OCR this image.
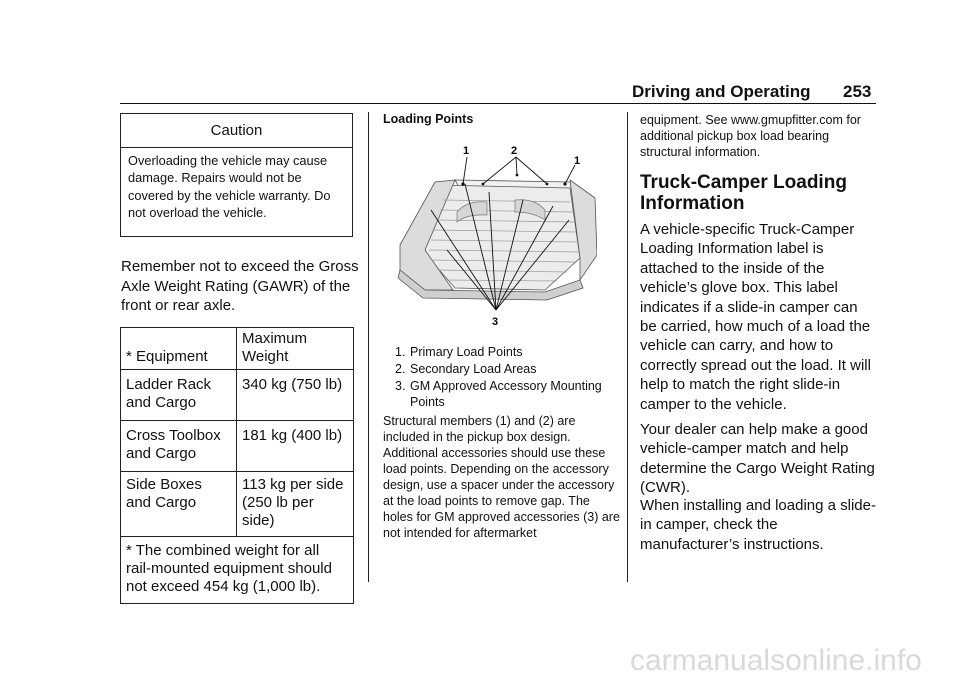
Driving and Operating 253
Caution
Overloading the vehicle may cause damage. Repairs would not be covered by the vehicle warranty. Do not overload the vehicle.
Remember not to exceed the Gross Axle Weight Rating (GAWR) of the front or rear axle.
* Equipment	Maximum Weight
Ladder Rack and Cargo	340 kg (750 lb)
Cross Toolbox and Cargo	181 kg (400 lb)
Side Boxes and Cargo	113 kg per side (250 lb per side)
* The combined weight for all rail-mounted equipment should not exceed 454 kg (1,000 lb).	
Loading Points
1	2
1
3
1. Primary Load Points
2. Secondary Load Areas
3. GM Approved Accessory Mounting Points
Structural members (1) and (2) are included in the pickup box design. Additional accessories should use these load points. Depending on the accessory design, use a spacer under the accessory at the load points to remove gap. The holes for GM approved accessories (3) are not intended for aftermarket
equipment. See www.gmupfitter.com for additional pickup box load bearing structural information.
Truck-Camper Loading Information
A vehicle-specific Truck-Camper Loading Information label is attached to the inside of the vehicle’s glove box. This label indicates if a slide-in camper can be carried, how much of a load the vehicle can carry, and how to correctly spread out the load. It will help to match the right slide-in camper to the vehicle.
Your dealer can help make a good vehicle-camper match and help determine the Cargo Weight Rating (CWR).
When installing and loading a slide-in camper, check the manufacturer’s instructions.
carmanualsonline.info
